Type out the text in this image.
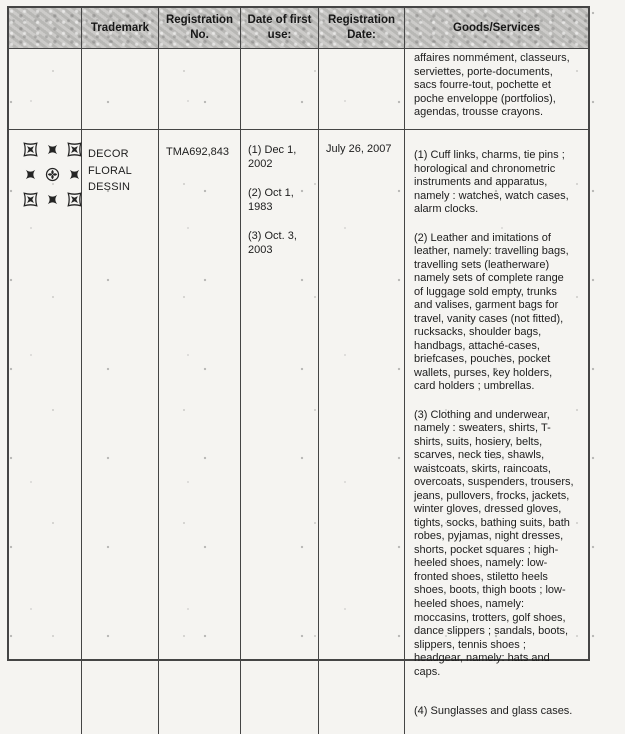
Trademark
Registration No.
Date of first use:
Registration Date:
Goods/Services

affaires nommément, classeurs, serviettes, porte-documents, sacs fourre-tout, pochette et poche enveloppe (portfolios), agendas, trousse crayons.

DECOR
FLORAL
DESSIN
TMA692,843	(1) Dec 1, 2002

(2) Oct 1, 1983

(3) Oct. 3, 2003

July 26, 2007	(1) Cuff links, charms, tie pins ; horological and chronometric instruments and apparatus, namely : watches, watch cases, alarm clocks.

(2) Leather and imitations of leather, namely: travelling bags, travelling sets (leatherware) namely sets of complete range of luggage sold empty, trunks and valises, garment bags for travel, vanity cases (not fitted), rucksacks, shoulder bags, handbags, attaché-cases, briefcases, pouches, pocket wallets, purses, key holders, card holders ; umbrellas.

(3) Clothing and underwear, namely : sweaters, shirts, T-shirts, suits, hosiery, belts, scarves, neck ties, shawls, waistcoats, skirts, raincoats, overcoats, suspenders, trousers, jeans, pullovers, frocks, jackets, winter gloves, dressed gloves, tights, socks, bathing suits, bath robes, pyjamas, night dresses, shorts, pocket squares ; high-heeled shoes, namely: low-fronted shoes, stiletto heels shoes, boots, thigh boots ; low-heeled shoes, namely: moccasins, trotters, golf shoes, dance slippers ; sandals, boots, slippers, tennis shoes ; headgear, namely: hats and caps.

(4) Sunglasses and glass cases.
